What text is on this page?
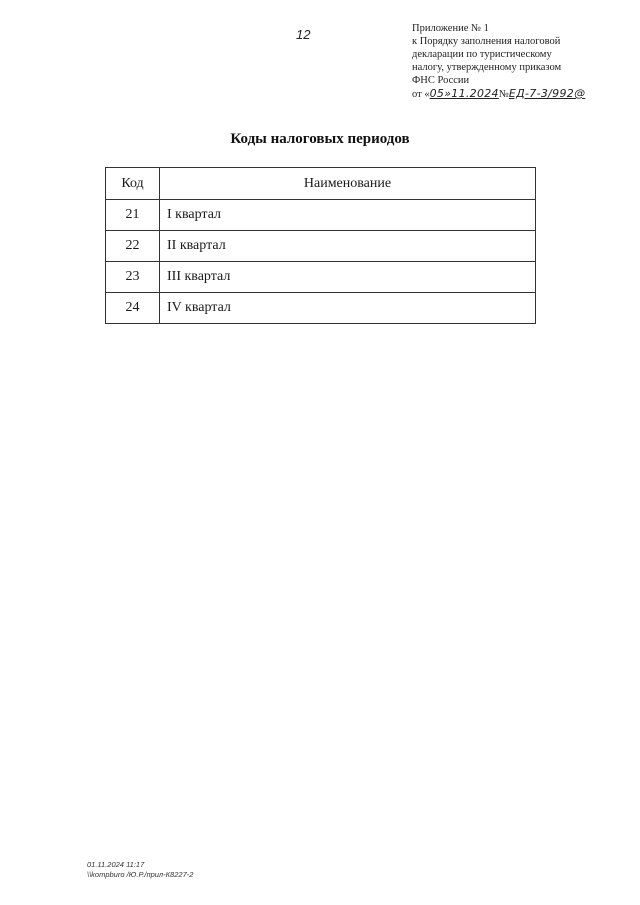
12	Приложение № 1
к Порядку заполнения налоговой
декларации по туристическому
налогу, утвержденному приказом
ФНС России
от «05»11.2024№ЕД-7-3/992@
Коды налоговых периодов
Код	Наименование
21	I квартал
22	II квартал
23	III квартал
24	IV квартал
01.11.2024 11:17
\\kompburo /Ю.Р./прил-К8227-2
